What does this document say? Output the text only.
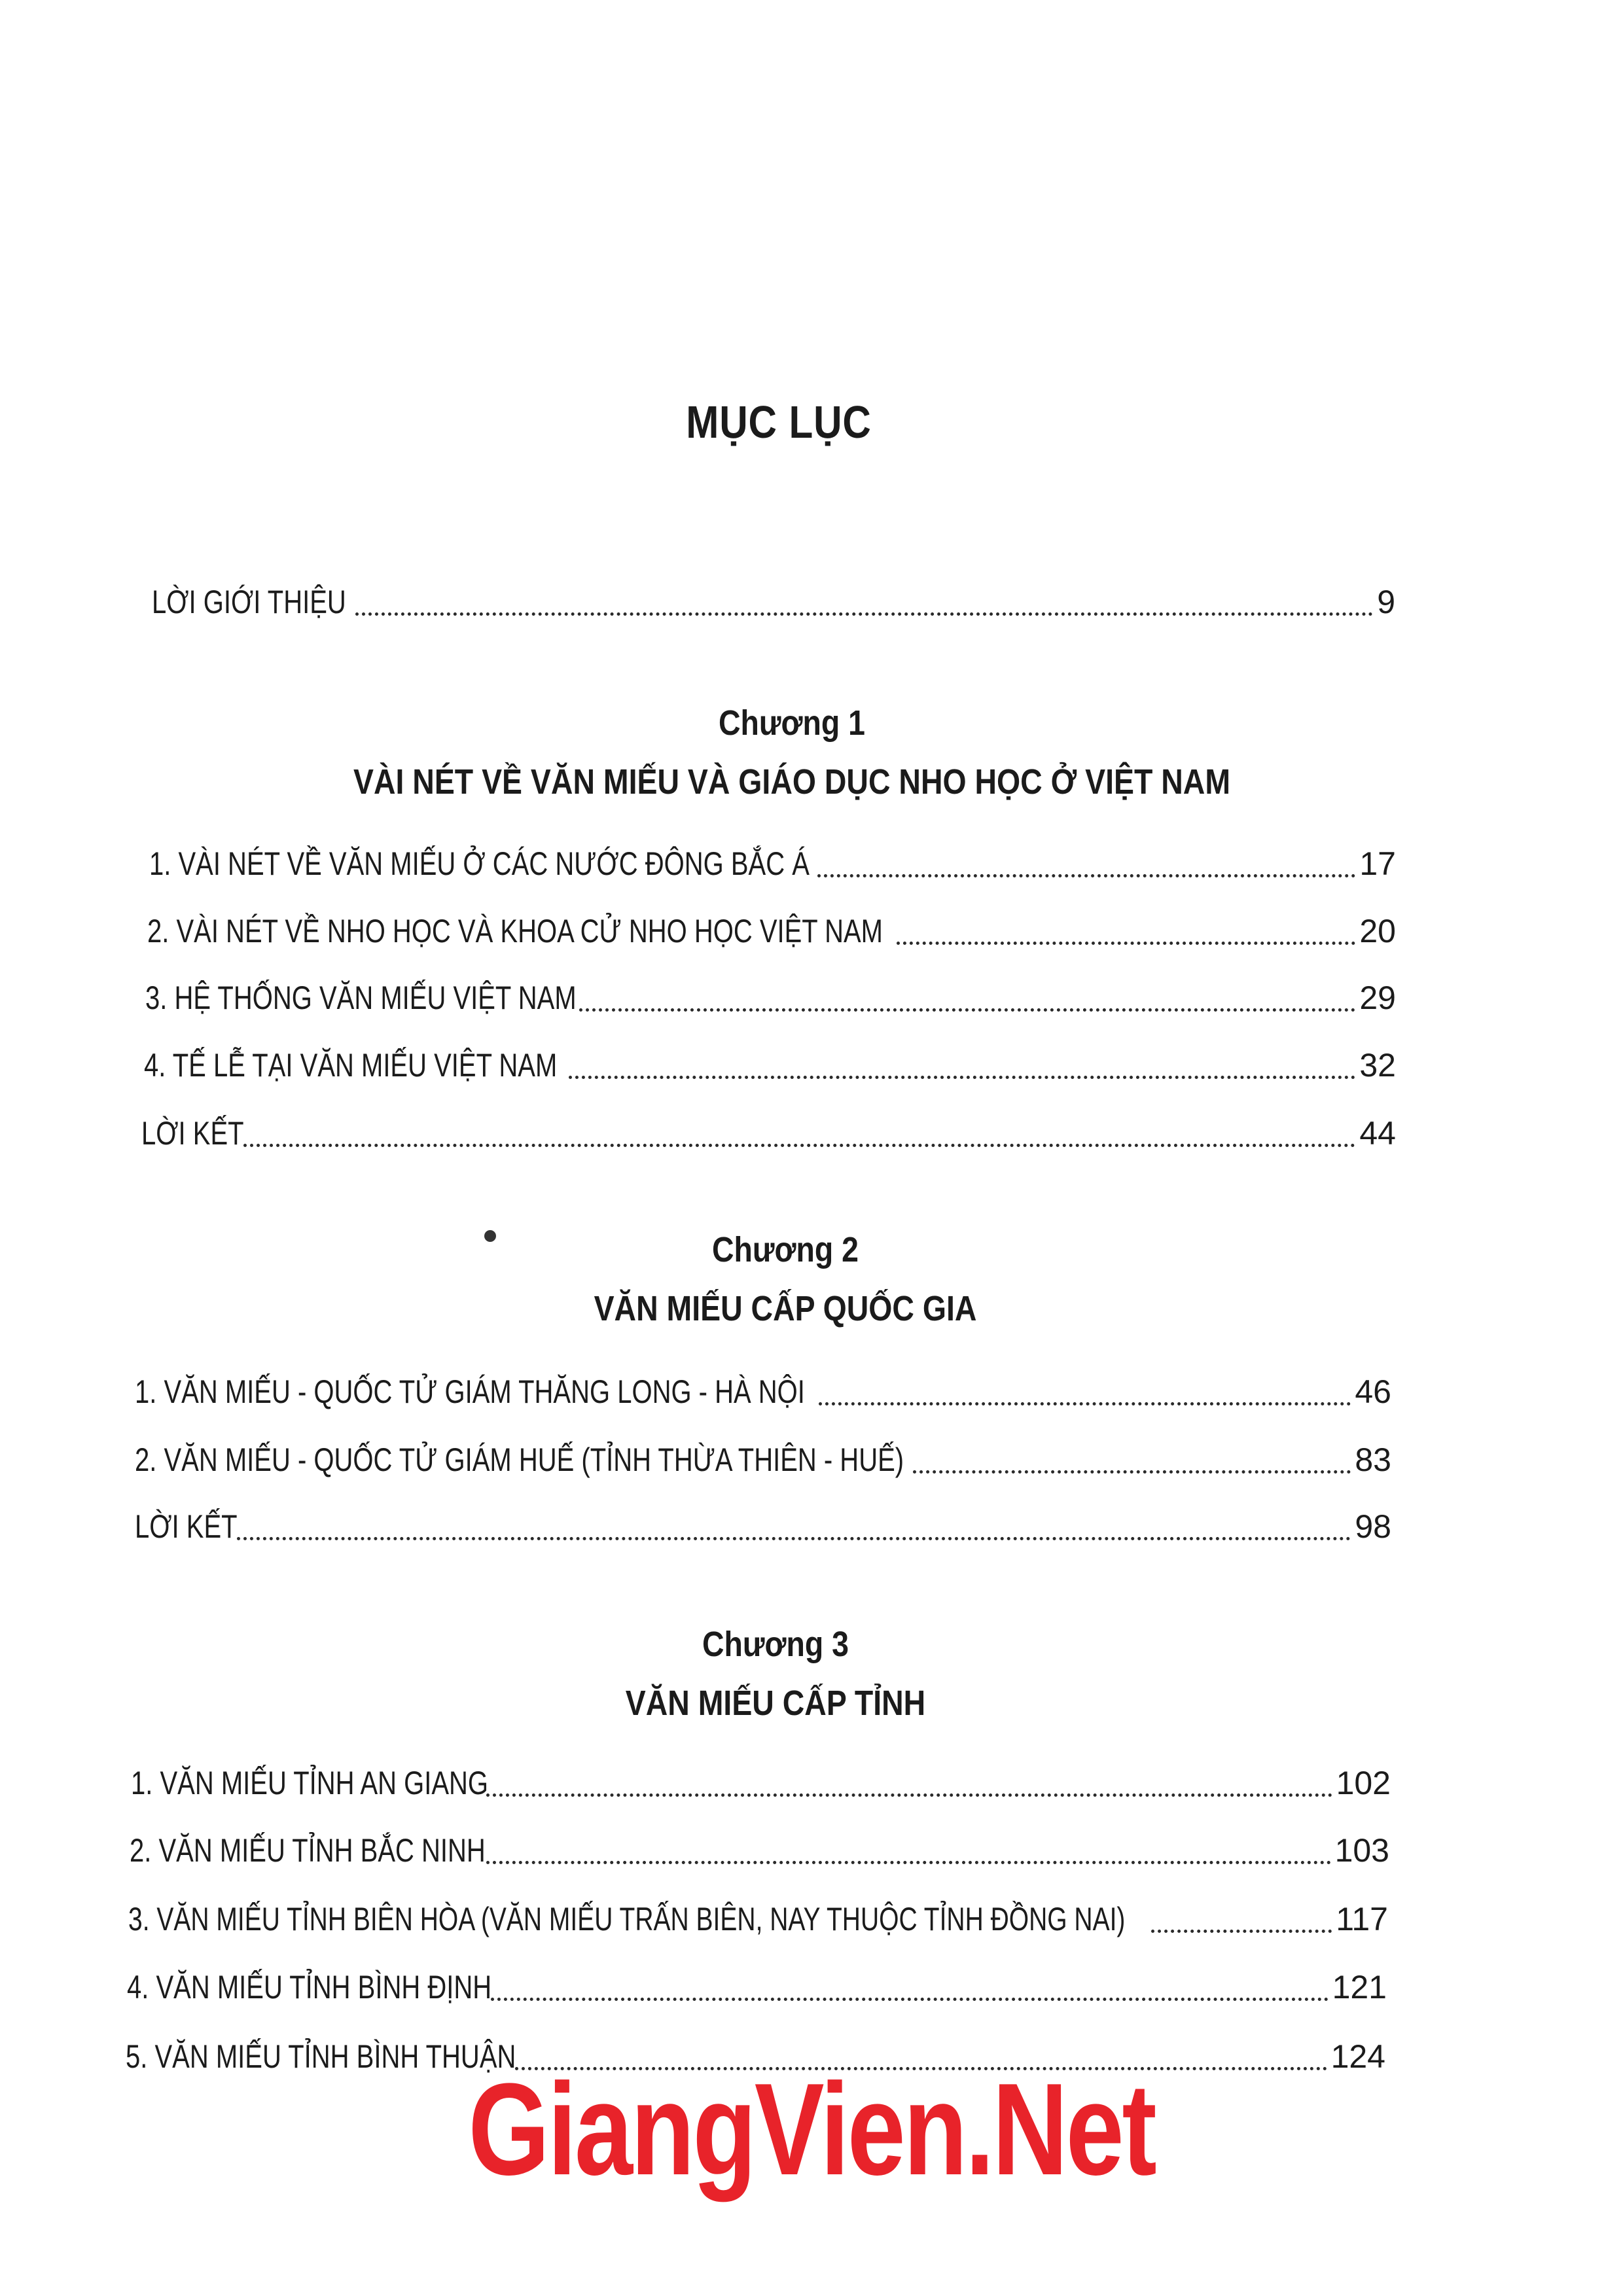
MỤC LỤC
LỜI GIỚI THIỆU	9
Chương 1
VÀI NÉT VỀ VĂN MIẾU VÀ GIÁO DỤC NHO HỌC Ở VIỆT NAM
1. VÀI NÉT VỀ VĂN MIẾU Ở CÁC NƯỚC ĐÔNG BẮC Á	17
2. VÀI NÉT VỀ NHO HỌC VÀ KHOA CỬ NHO HỌC VIỆT NAM	20
3. HỆ THỐNG VĂN MIẾU VIỆT NAM	29
4. TẾ LỄ TẠI VĂN MIẾU VIỆT NAM	32
LỜI KẾT	44
Chương 2
VĂN MIẾU CẤP QUỐC GIA
1. VĂN MIẾU - QUỐC TỬ GIÁM THĂNG LONG - HÀ NỘI	46
2. VĂN MIẾU - QUỐC TỬ GIÁM HUẾ (TỈNH THỪA THIÊN - HUẾ)	83
LỜI KẾT	98
Chương 3
VĂN MIẾU CẤP TỈNH
1. VĂN MIẾU TỈNH AN GIANG	102
2. VĂN MIẾU TỈNH BẮC NINH	103
3. VĂN MIẾU TỈNH BIÊN HÒA (VĂN MIẾU TRẤN BIÊN, NAY THUỘC TỈNH ĐỒNG NAI)	117
4. VĂN MIẾU TỈNH BÌNH ĐỊNH	121
5. VĂN MIẾU TỈNH BÌNH THUẬN	124
GiangVien.Net
